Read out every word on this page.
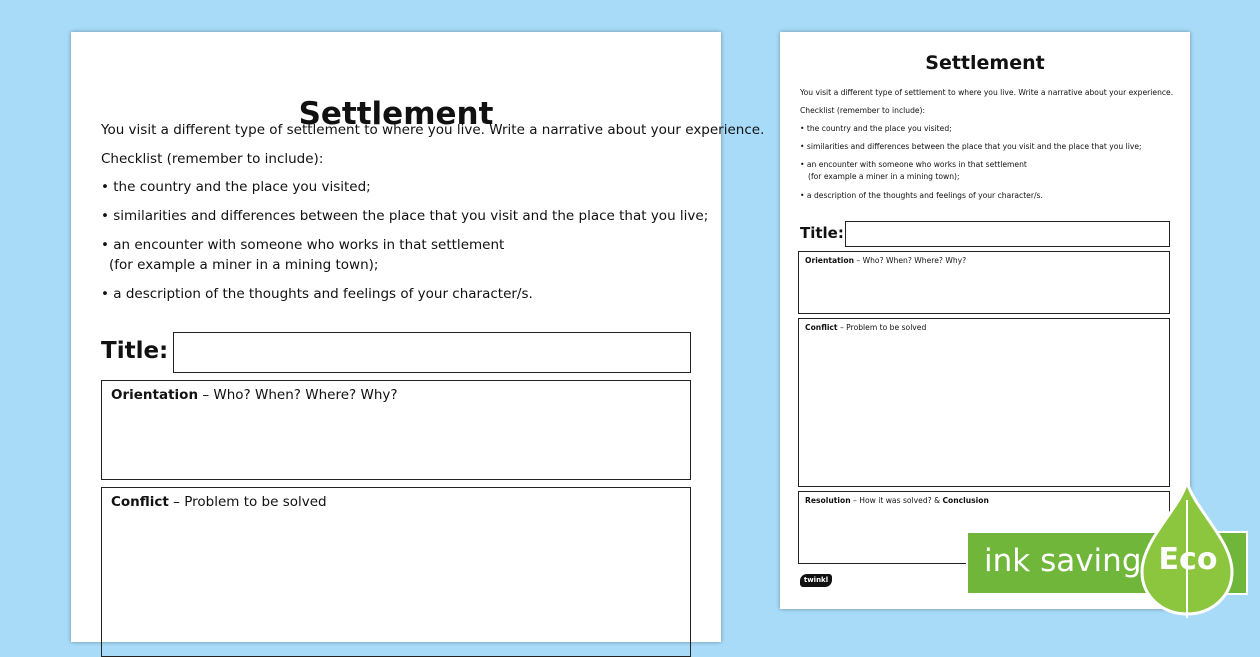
Settlement
You visit a different type of settlement to where you live. Write a narrative about your experience.
Checklist (remember to include):
• the country and the place you visited;
• similarities and differences between the place that you visit and the place that you live;
• an encounter with someone who works in that settlement
(for example a miner in a mining town);
• a description of the thoughts and feelings of your character/s.
Title:
Orientation – Who? When? Where? Why?
Conflict – Problem to be solved
Settlement
You visit a different type of settlement to where you live. Write a narrative about your experience.
Checklist (remember to include):
• the country and the place you visited;
• similarities and differences between the place that you visit and the place that you live;
• an encounter with someone who works in that settlement
(for example a miner in a mining town);
• a description of the thoughts and feelings of your character/s.
Title:
Orientation – Who? When? Where? Why?
Conflict – Problem to be solved
Resolution – How it was solved? & Conclusion
twinkl
ink saving Eco
